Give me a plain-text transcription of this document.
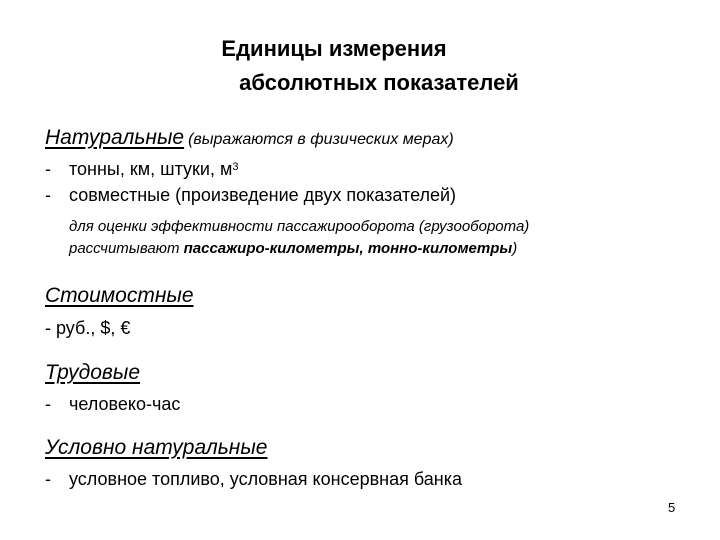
Единицы измерения
абсолютных показателей
Натуральные (выражаются в физических мерах)
- тонны, км, штуки, $м^3$
- совместные (произведение двух показателей)
для оценки эффективности пассажирооборота (грузооборота)
рассчитывают пассажиро-километры, тонно-километры)
Стоимостные
- руб., $, €
Трудовые
- человеко-час
Условно натуральные
- условное топливо, условная консервная банка
5
